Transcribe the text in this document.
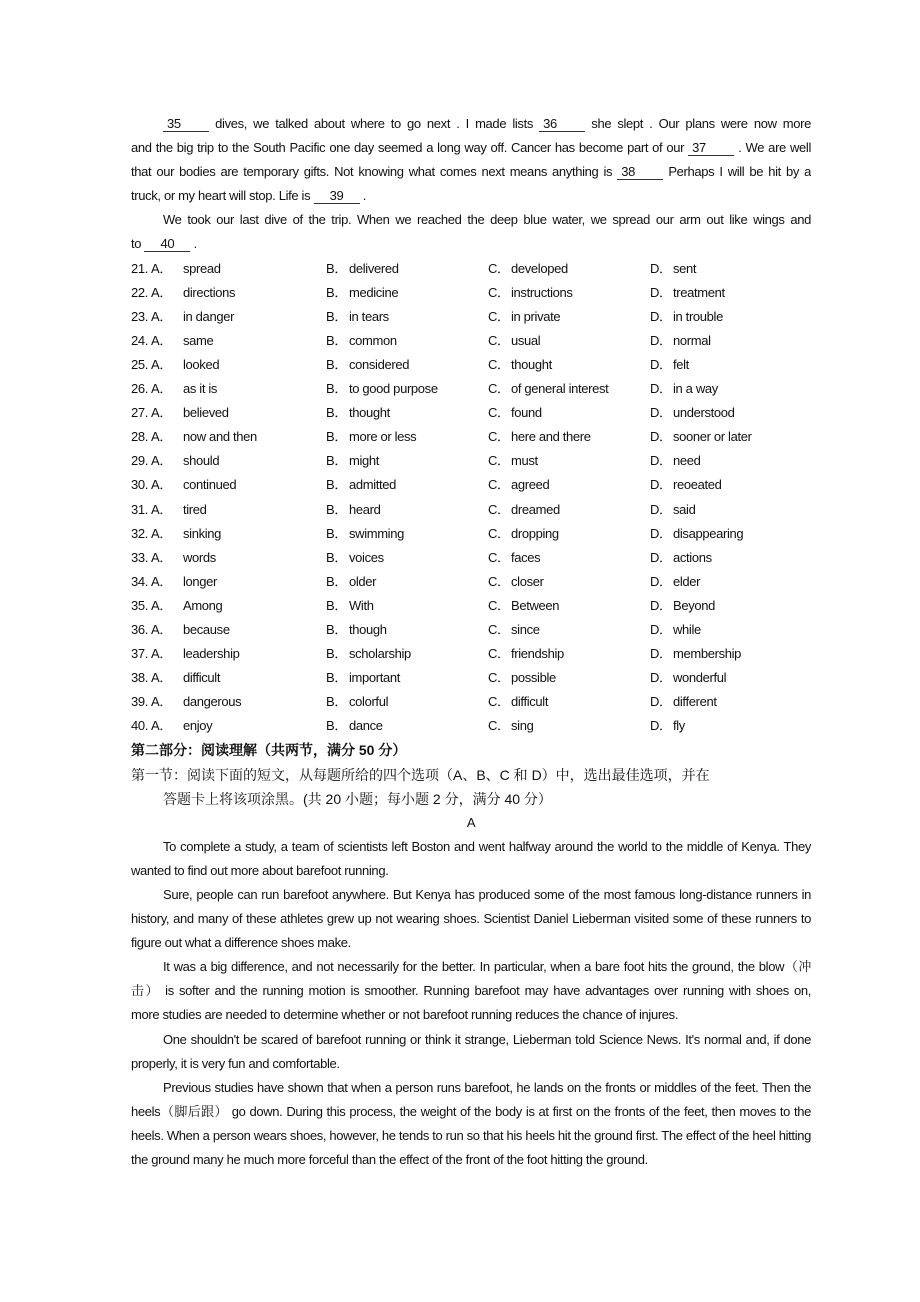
35	dives, we talked about where to go next . I made lists 36	she slept . Our plans were now more
and the big trip to the South Pacific one day seemed a long way off. Cancer has become part of our 37 . We are well
that our bodies are temporary gifts. Not knowing what comes next means anything is 38	Perhaps I will be hit by a
truck, or my heart will stop. Life is 39 .
We took our last dive of the trip. When we reached the deep blue water, we spread our arm out like wings and
to 40 .
21. A． spread	B． delivered	C． developed	D． sent
22. A． directions	B． medicine	C． instructions	D． treatment
23. A． in danger	B． in tears	C． in private	D． in trouble
24. A． same	B． common	C． usual	D． normal
25. A． looked	B． considered	C． thought	D． felt
26. A． as it is	B． to good purpose	C． of general interest	D． in a way
27. A． believed	B． thought	C． found	D． understood
28. A． now and then	B． more or less	C． here and there	D． sooner or later
29. A． should	B． might	C． must	D． need
30. A． continued	B． admitted	C． agreed	D． reoeated
31. A． tired	B． heard	C． dreamed	D． said
32. A． sinking	B． swimming	C． dropping	D． disappearing
33. A． words	B． voices	C． faces	D． actions
34. A． longer	B． older	C． closer	D． elder
35. A． Among	B． With	C． Between	D． Beyond
36. A． because	B． though	C． since	D． while
37. A． leadership	B． scholarship	C． friendship	D． membership
38. A． difficult	B． important	C． possible	D． wonderful
39. A． dangerous	B． colorful	C． difficult	D． different
40. A． enjoy	B． dance	C． sing	D． fly
第二部分：阅读理解（共两节，满分 50 分）
第一节：阅读下面的短文，从每题所给的四个选项（A、B、C 和 D）中，选出最佳选项，并在
答题卡上将该项涂黑。(共 20 小题；每小题 2 分，满分 40 分）
A
To complete a study, a team of scientists left Boston and went halfway around the world to the middle of Kenya. They
wanted to find out more about barefoot running.
Sure, people can run barefoot anywhere. But Kenya has produced some of the most famous long-distance runners in
history, and many of these athletes grew up not wearing shoes. Scientist Daniel Lieberman visited some of these runners to
figure out what a difference shoes make.
It was a big difference, and not necessarily for the better. In particular, when a bare foot hits the ground, the blow（冲
击） is softer and the running motion is smoother. Running barefoot may have advantages over running with shoes on,
more studies are needed to determine whether or not barefoot running reduces the chance of injures.
One shouldn't be scared of barefoot running or think it strange, Lieberman told Science News. It's normal and, if done
properly, it is very fun and comfortable.
Previous studies have shown that when a person runs barefoot, he lands on the fronts or middles of the feet. Then the
heels（脚后跟） go down. During this process, the weight of the body is at first on the fronts of the feet, then moves to the
heels. When a person wears shoes, however, he tends to run so that his heels hit the ground first. The effect of the heel hitting
the ground many he much more forceful than the effect of the front of the foot hitting the ground.
